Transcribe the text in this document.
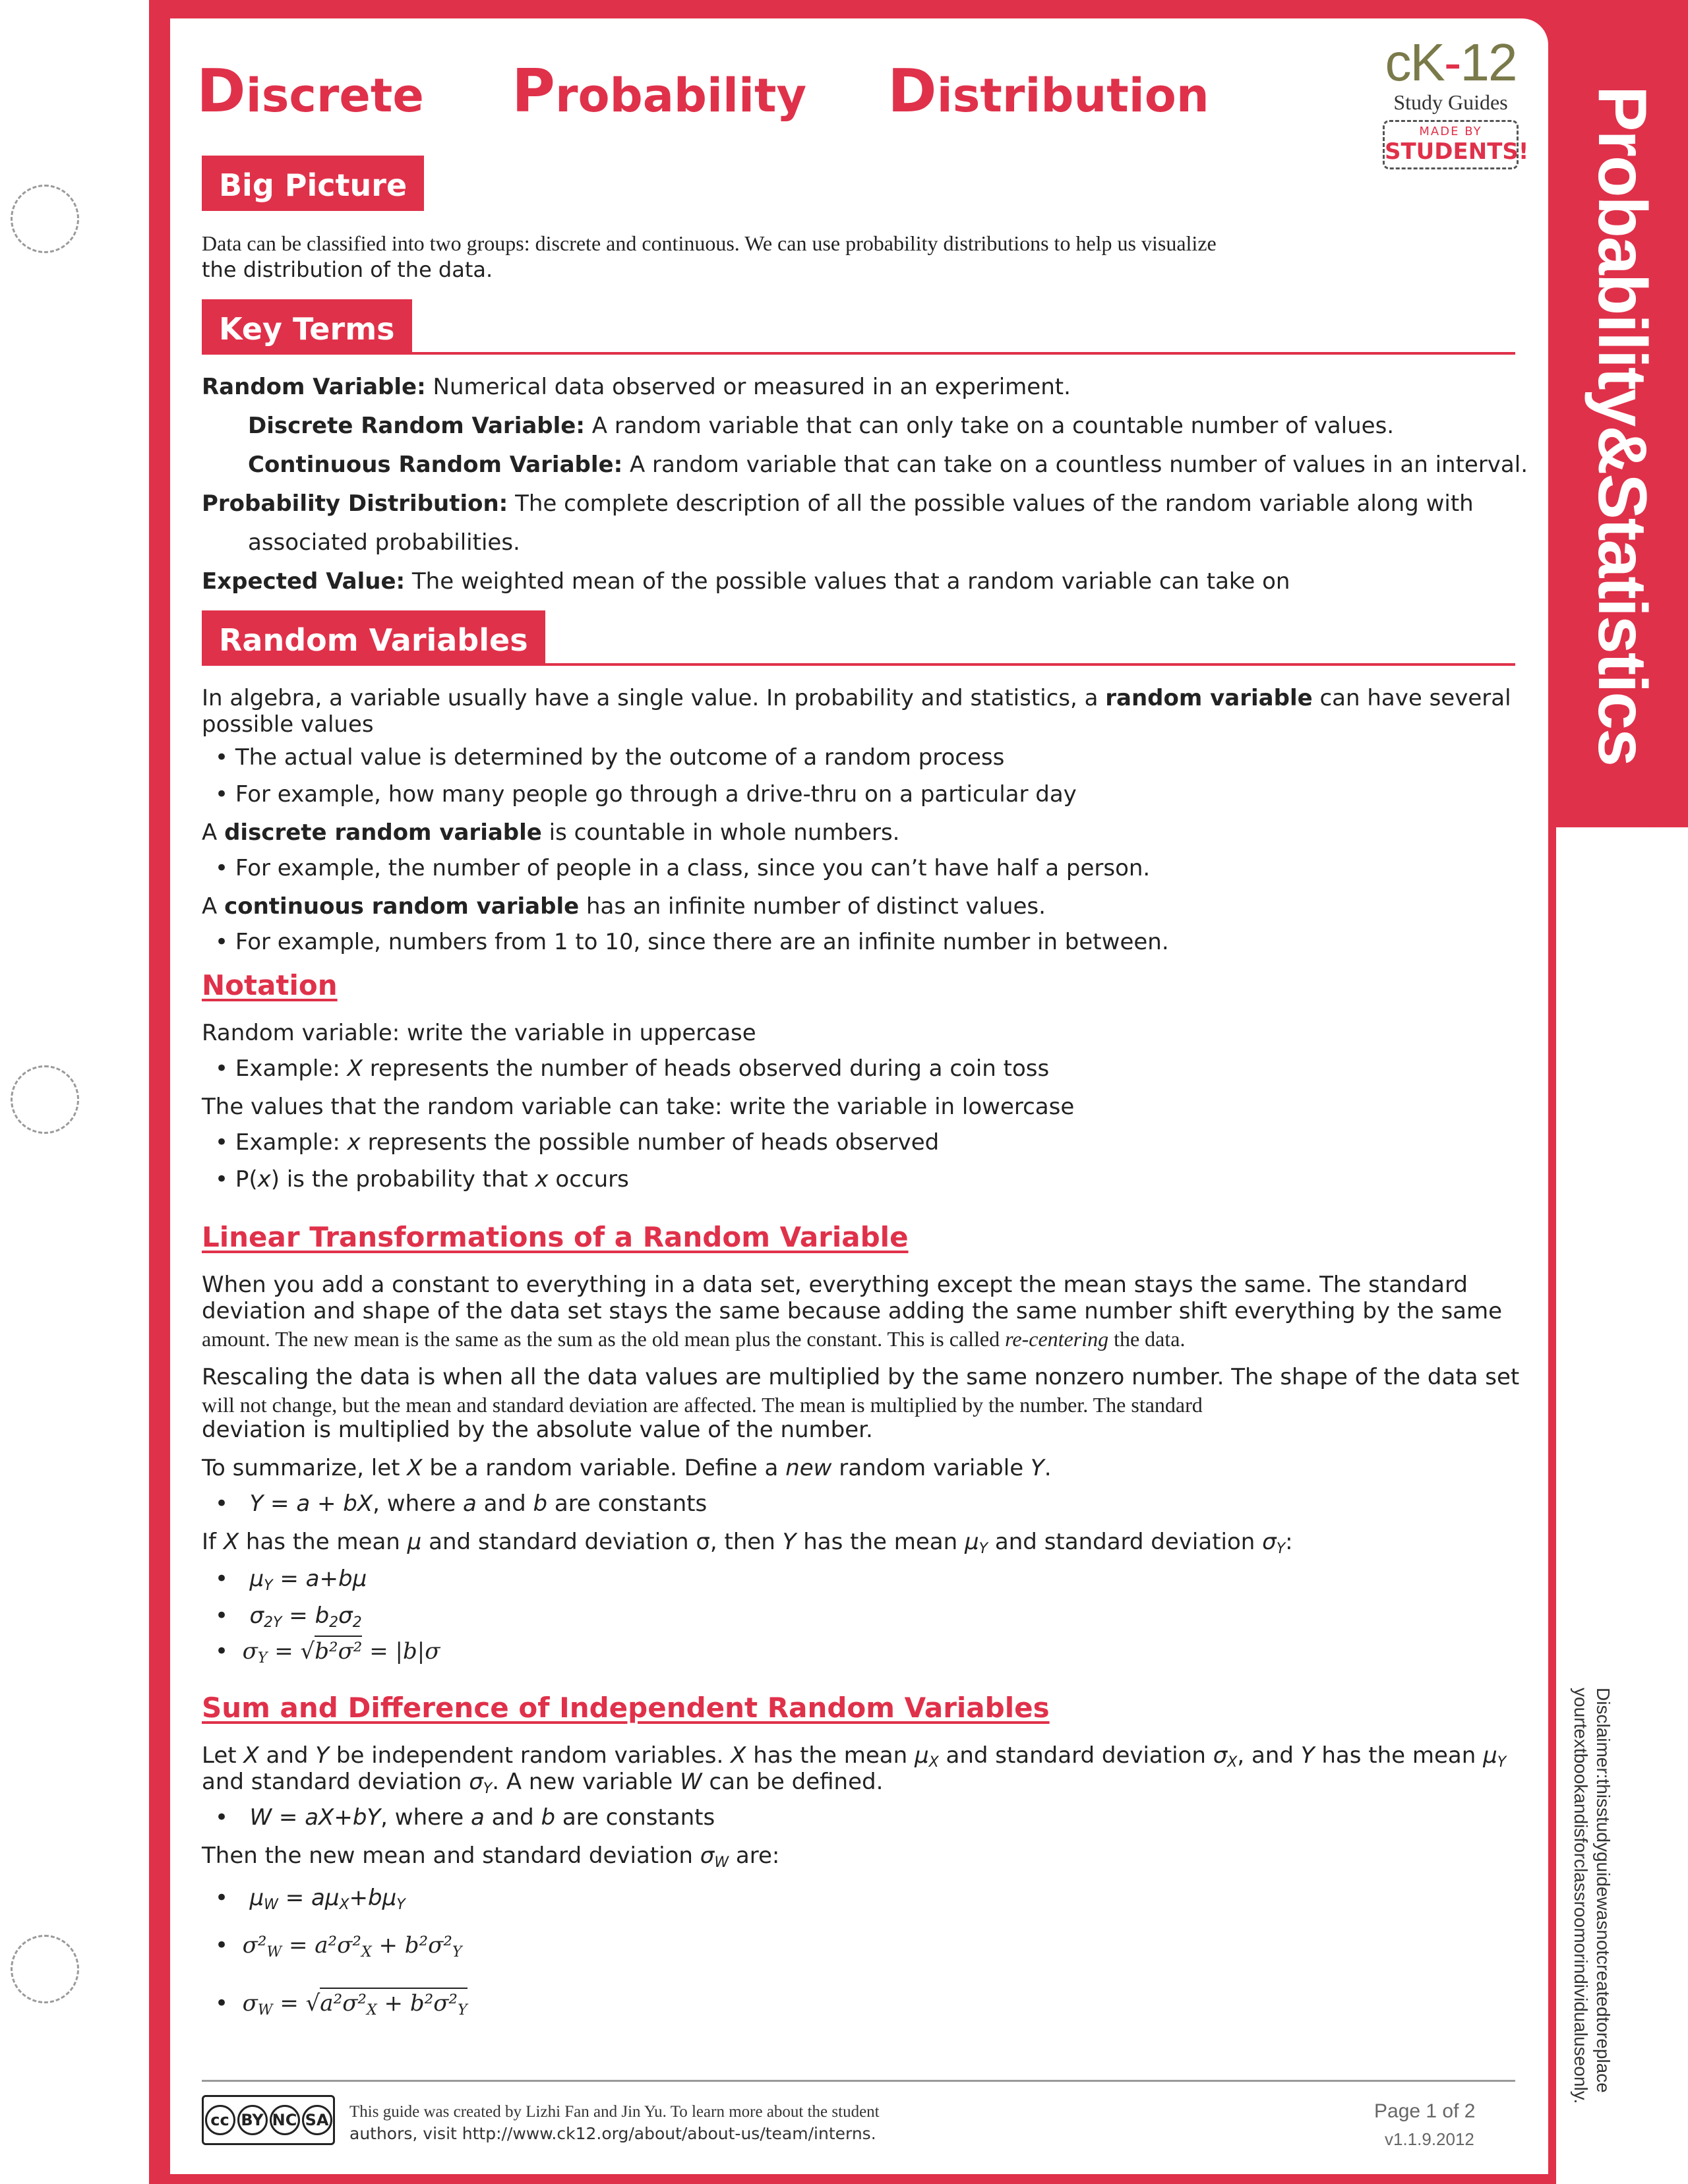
Probability&Statistics
Disclaimer:thisstudyguidewasnotcreatedtoreplace yourtextbookandisforclassroomorindividualuseonly.
Discrete Probability Distribution
cK-12
Study Guides
MADE BY
STUDENTS!
Big Picture
Data can be classified into two groups: discrete and continuous. We can use probability distributions to help us visualize
the distribution of the data.
Key Terms
Random Variable: Numerical data observed or measured in an experiment.
Discrete Random Variable: A random variable that can only take on a countable number of values.
Continuous Random Variable: A random variable that can take on a countless number of values in an interval.
Probability Distribution: The complete description of all the possible values of the random variable along with
associated probabilities.
Expected Value: The weighted mean of the possible values that a random variable can take on
Random Variables
In algebra, a variable usually have a single value. In probability and statistics, a random variable can have several
possible values
• The actual value is determined by the outcome of a random process
• For example, how many people go through a drive-thru on a particular day
A discrete random variable is countable in whole numbers.
• For example, the number of people in a class, since you can’t have half a person.
A continuous random variable has an infinite number of distinct values.
• For example, numbers from 1 to 10, since there are an infinite number in between.
Notation
Random variable: write the variable in uppercase
• Example: X represents the number of heads observed during a coin toss
The values that the random variable can take: write the variable in lowercase
• Example: x represents the possible number of heads observed
• P(x) is the probability that x occurs
Linear Transformations of a Random Variable
When you add a constant to everything in a data set, everything except the mean stays the same. The standard
deviation and shape of the data set stays the same because adding the same number shift everything by the same
amount. The new mean is the same as the sum as the old mean plus the constant. This is called re-centering the data.
Rescaling the data is when all the data values are multiplied by the same nonzero number. The shape of the data set
will not change, but the mean and standard deviation are affected. The mean is multiplied by the number. The standard
deviation is multiplied by the absolute value of the number.
To summarize, let X be a random variable. Define a new random variable Y.
•   Y = a + bX, where a and b are constants
If X has the mean μ and standard deviation σ, then Y has the mean $\mu_Y$ and standard deviation $\sigma_Y$:
•   $\mu_Y = a+b\mu$
•   $\sigma_{2Y} = b_2\sigma_2$
•  $\sigma_Y = √b^2\sigma^2 = |b|\sigma$
Sum and Difference of Independent Random Variables
Let X and Y be independent random variables. X has the mean $\mu_X$ and standard deviation $\sigma_X$, and Y has the mean $\mu_Y$
and standard deviation $\sigma_Y$. A new variable W can be defined.
•   W = aX+bY, where a and b are constants
Then the new mean and standard deviation $\sigma_W$ are:
•   $\mu_W = a\mu_X+b\mu_Y$
•  $\sigma^2_W = a^2\sigma^2_X + b^2\sigma^2_Y$
•  $\sigma_W = √a^2\sigma^2_X + b^2\sigma^2_Y$
cc BY NC SA This guide was created by Lizhi Fan and Jin Yu. To learn more about the student
authors, visit http://www.ck12.org/about/about-us/team/interns.
Page 1 of 2
v1.1.9.2012
